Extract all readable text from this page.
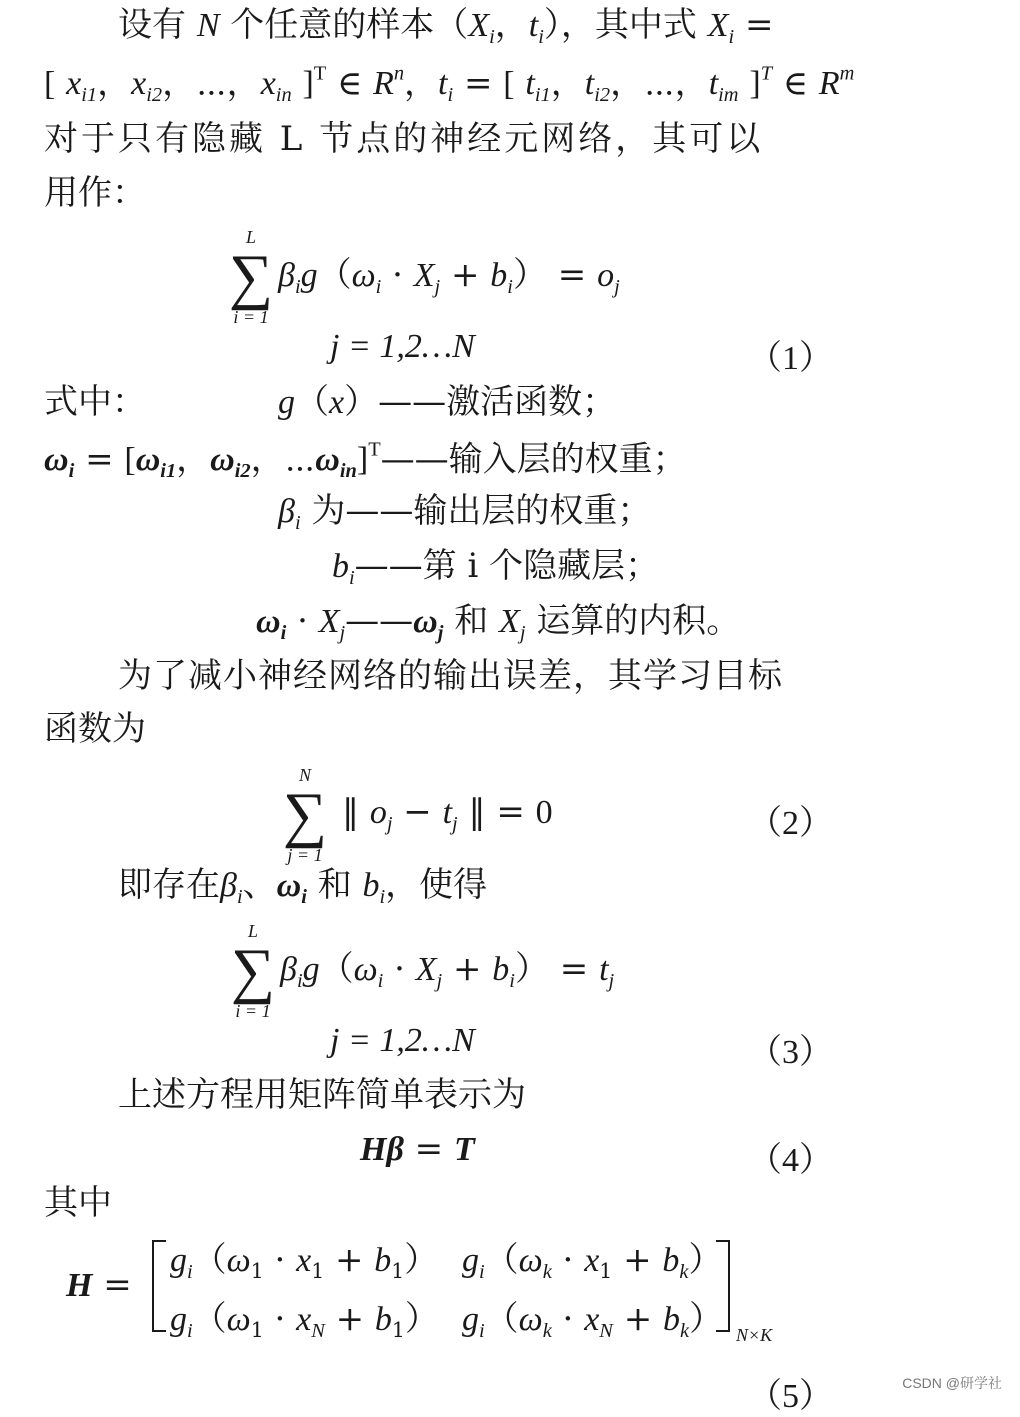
设有 N 个任意的样本（$X_i$，$t_i$），其中式 $X_i$ =
[ $x_{i1}$，$x_{i2}$，⋯，$x_{in}$ ]$^T$ ∈ $R^n$，$t_i$ = [ $t_{i1}$，$t_{i2}$，⋯，$t_{im}$ ]$^T$ ∈ $R^m$
对于只有隐藏 L 节点的神经元网络，其可以
用作：
L
∑
i = 1
$\beta_ig(\omega_i \cdot X_j + b_i) = o_j$
j = 1,2…N	（1）
式中：	g（x）——激活函数；
$\omega_i = [\omega_{i1}$，$\omega_{i2}$，$\cdots\omega_{in}]^T——$输入层的权重；
$\beta_i$ 为——输出层的权重；
$b_i——$第 i 个隐藏层；
$\omega_i$ · $X_j——\omega_j$ 和 $X_j$ 运算的内积。
为了减小神经网络的输出误差，其学习目标
函数为
N
∑
j = 1
‖ $o_j - t_j$ ‖ = 0	（2）
即存在$\beta_i$、$\omega_i$ 和 $b_i$，使得
L
∑
i = 1
$\beta_ig(\omega_i \cdot X_j + b_i) = t_j$
j = 1,2…N	（3）
上述方程用矩阵简单表示为
Hβ = T	（4）
其中
H =
$g_i(\omega_1 \cdot x_1 + b_1) g_i(\omega_k \cdot x_1 + b_k)$
$g_i(\omega_1 \cdot x_N + b_1) g_i(\omega_k \cdot x_N + b_k)$ N×K
（5）	CSDN @研学社
